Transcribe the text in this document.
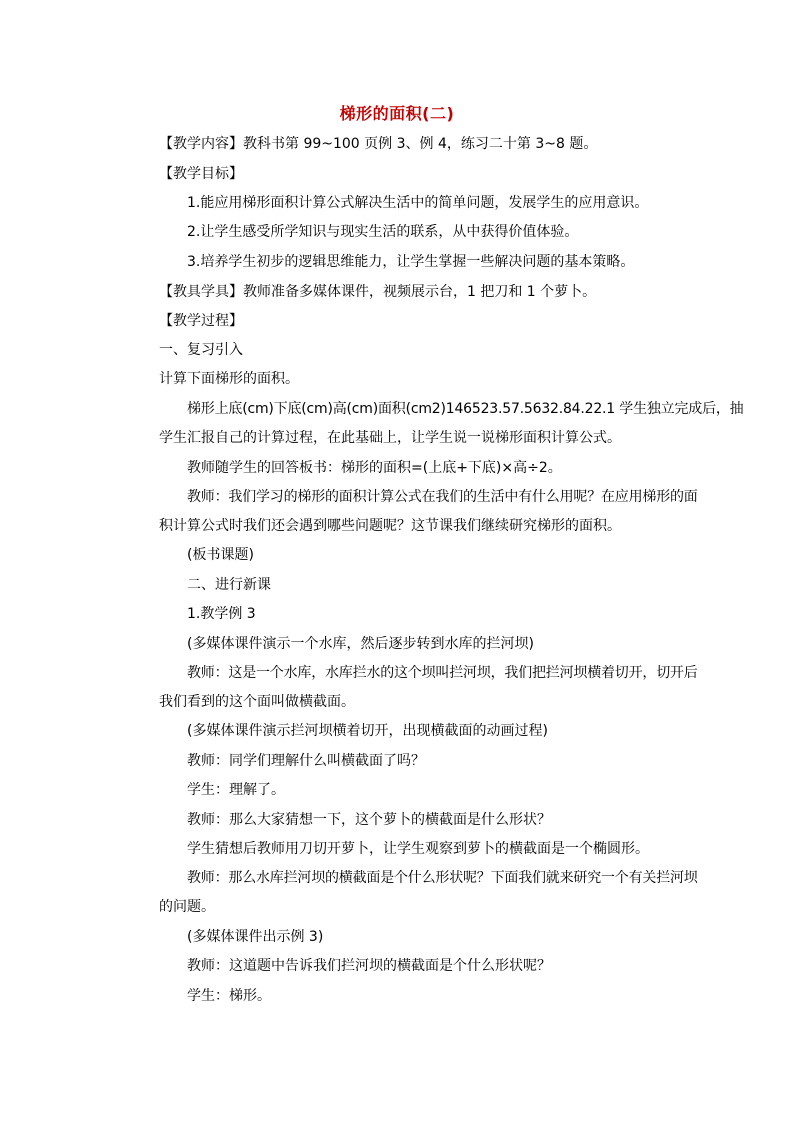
梯形的面积(二)
【教学内容】教科书第 99~100 页例 3、例 4，练习二十第 3~8 题。
【教学目标】
1.能应用梯形面积计算公式解决生活中的简单问题，发展学生的应用意识。
2.让学生感受所学知识与现实生活的联系，从中获得价值体验。
3.培养学生初步的逻辑思维能力，让学生掌握一些解决问题的基本策略。
【教具学具】教师准备多媒体课件，视频展示台，1 把刀和 1 个萝卜。
【教学过程】
一、复习引入
计算下面梯形的面积。
梯形上底(cm)下底(cm)高(cm)面积(cm2)146523.57.5632.84.22.1 学生独立完成后，抽
学生汇报自己的计算过程，在此基础上，让学生说一说梯形面积计算公式。
教师随学生的回答板书：梯形的面积=(上底+下底)×高÷2。
教师：我们学习的梯形的面积计算公式在我们的生活中有什么用呢？在应用梯形的面
积计算公式时我们还会遇到哪些问题呢？这节课我们继续研究梯形的面积。
(板书课题)
二、进行新课
1.教学例 3
(多媒体课件演示一个水库，然后逐步转到水库的拦河坝)
教师：这是一个水库，水库拦水的这个坝叫拦河坝，我们把拦河坝横着切开，切开后
我们看到的这个面叫做横截面。
(多媒体课件演示拦河坝横着切开，出现横截面的动画过程)
教师：同学们理解什么叫横截面了吗？
学生：理解了。
教师：那么大家猜想一下，这个萝卜的横截面是什么形状？
学生猜想后教师用刀切开萝卜，让学生观察到萝卜的横截面是一个椭圆形。
教师：那么水库拦河坝的横截面是个什么形状呢？下面我们就来研究一个有关拦河坝
的问题。
(多媒体课件出示例 3)
教师：这道题中告诉我们拦河坝的横截面是个什么形状呢？
学生：梯形。
